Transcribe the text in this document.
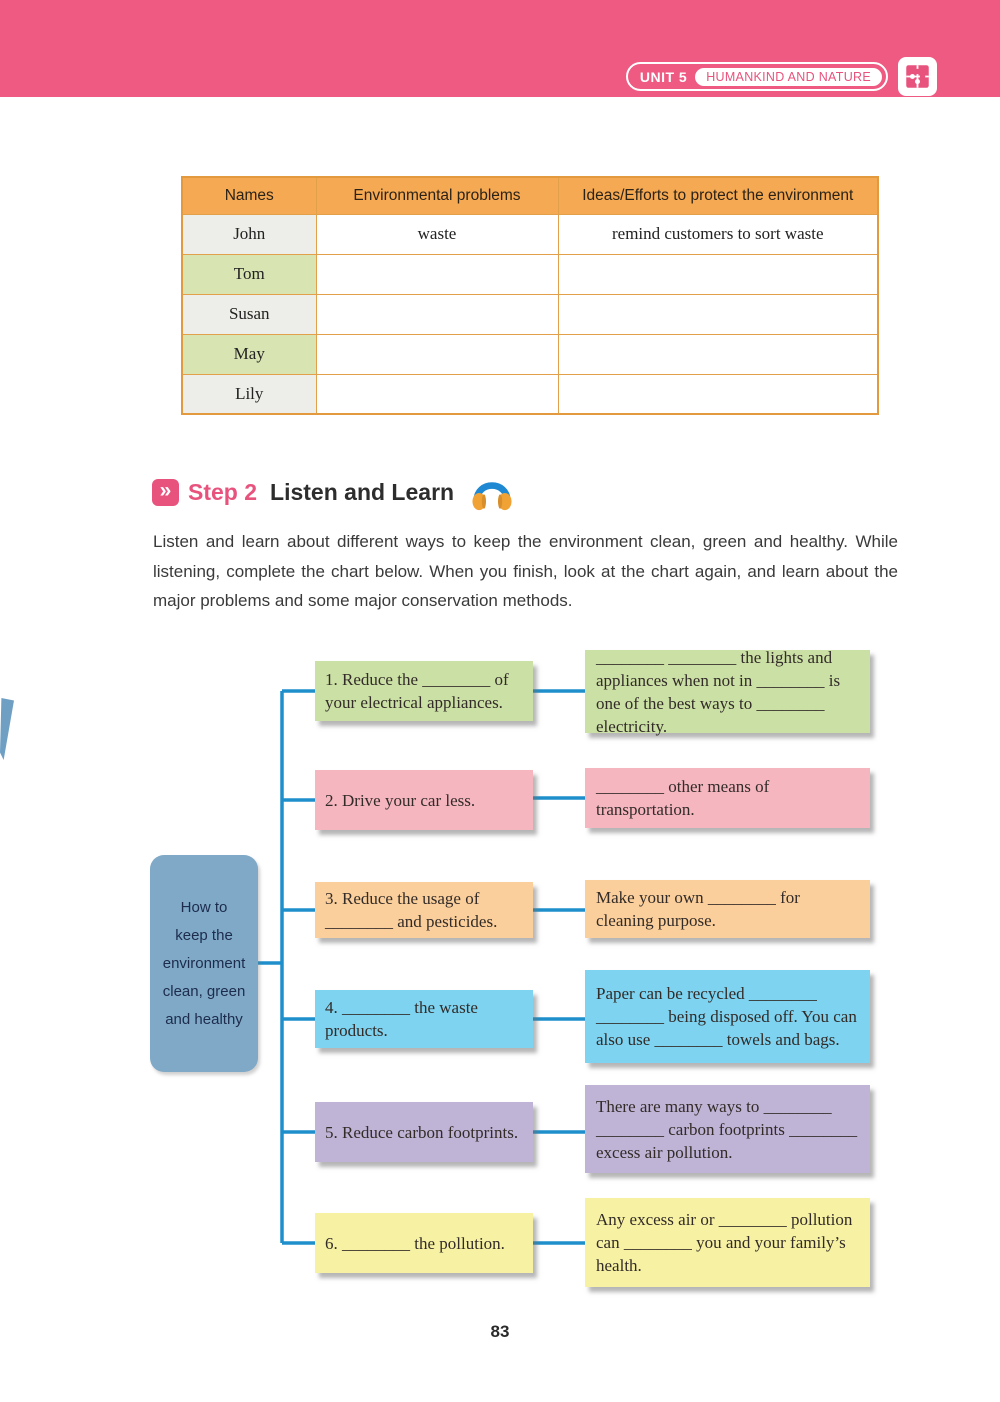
UNIT 5	HUMANKIND AND NATURE
Names	Environmental problems	Ideas/Efforts to protect the environment
John	waste	remind customers to sort waste
Tom		
Susan		
May		
Lily		
» Step 2 Listen and Learn

Listen and learn about different ways to keep the environment clean, green and healthy. While listening, complete the chart below. When you finish, look at the chart again, and learn about the major problems and some major conservation methods.

How to keep the environment clean, green and healthy
1. Reduce the ________ of your electrical appliances.
________ ________ the lights and appliances when not in ________ is one of the best ways to ________ electricity.
2. Drive your car less.
________ other means of transportation.
3. Reduce the usage of ________ and pesticides.
Make your own ________ for cleaning purpose.
4. ________ the waste products.
Paper can be recycled ________ ________ being disposed off. You can also use ________ towels and bags.
5. Reduce carbon footprints.
There are many ways to ________ ________ carbon footprints ________ excess air pollution.
6. ________ the pollution.
Any excess air or ________ pollution can ________ you and your family’s health.
83
